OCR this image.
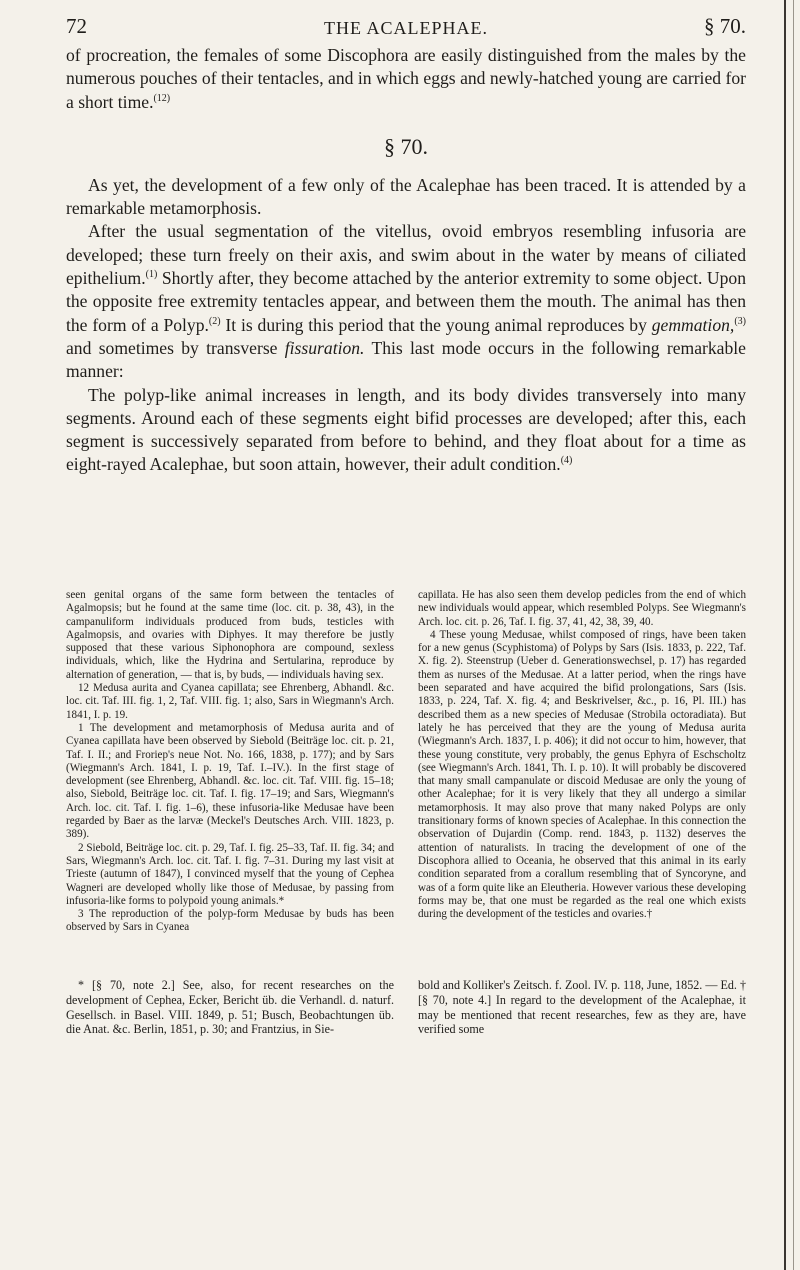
72	THE ACALEPHAE.	§ 70.

of procreation, the females of some Discophora are easily distinguished from the males by the numerous pouches of their tentacles, and in which eggs and newly-hatched young are carried for a short time.$^{(12)}$

§ 70.

As yet, the development of a few only of the Acalephae has been traced. It is attended by a remarkable metamorphosis.

After the usual segmentation of the vitellus, ovoid embryos resembling infusoria are developed; these turn freely on their axis, and swim about in the water by means of ciliated epithelium.$^{(1)}$ Shortly after, they become attached by the anterior extremity to some object. Upon the opposite free extremity tentacles appear, and between them the mouth. The animal has then the form of a Polyp.$^{(2)}$ It is during this period that the young animal reproduces by gemmation,$^{(3)}$ and sometimes by transverse fissuration. This last mode occurs in the following remarkable manner:

The polyp-like animal increases in length, and its body divides transversely into many segments. Around each of these segments eight bifid processes are developed; after this, each segment is successively separated from before to behind, and they float about for a time as eight-rayed Acalephae, but soon attain, however, their adult condition.$^{(4)}$

seen genital organs of the same form between the tentacles of Agalmopsis; but he found at the same time (loc. cit. p. 38, 43), in the campanuliform individuals produced from buds, testicles with Agalmopsis, and ovaries with Diphyes. It may therefore be justly supposed that these various Siphonophora are compound, sexless individuals, which, like the Hydrina and Sertularina, reproduce by alternation of generation, — that is, by buds, — individuals having sex.

12 Medusa aurita and Cyanea capillata; see Ehrenberg, Abhandl. &c. loc. cit. Taf. III. fig. 1, 2, Taf. VIII. fig. 1; also, Sars in Wiegmann's Arch. 1841, I. p. 19.

1 The development and metamorphosis of Medusa aurita and of Cyanea capillata have been observed by Siebold (Beiträge loc. cit. p. 21, Taf. I. II.; and Froriep's neue Not. No. 166, 1838, p. 177); and by Sars (Wiegmann's Arch. 1841, I. p. 19, Taf. I.–IV.). In the first stage of development (see Ehrenberg, Abhandl. &c. loc. cit. Taf. VIII. fig. 15–18; also, Siebold, Beiträge loc. cit. Taf. I. fig. 17–19; and Sars, Wiegmann's Arch. loc. cit. Taf. I. fig. 1–6), these infusoria-like Medusae have been regarded by Baer as the larvæ (Meckel's Deutsches Arch. VIII. 1823, p. 389).

2 Siebold, Beiträge loc. cit. p. 29, Taf. I. fig. 25–33, Taf. II. fig. 34; and Sars, Wiegmann's Arch. loc. cit. Taf. I. fig. 7–31. During my last visit at Trieste (autumn of 1847), I convinced myself that the young of Cephea Wagneri are developed wholly like those of Medusae, by passing from infusoria-like forms to polypoid young animals.*

3 The reproduction of the polyp-form Medusae by buds has been observed by Sars in Cyanea

capillata. He has also seen them develop pedicles from the end of which new individuals would appear, which resembled Polyps. See Wiegmann's Arch. loc. cit. p. 26, Taf. I. fig. 37, 41, 42, 38, 39, 40.

4 These young Medusae, whilst composed of rings, have been taken for a new genus (Scyphistoma) of Polyps by Sars (Isis. 1833, p. 222, Taf. X. fig. 2). Steenstrup (Ueber d. Generationswechsel, p. 17) has regarded them as nurses of the Medusae. At a latter period, when the rings have been separated and have acquired the bifid prolongations, Sars (Isis. 1833, p. 224, Taf. X. fig. 4; and Beskrivelser, &c., p. 16, Pl. III.) has described them as a new species of Medusae (Strobila octoradiata). But lately he has perceived that they are the young of Medusa aurita (Wiegmann's Arch. 1837, I. p. 406); it did not occur to him, however, that these young constitute, very probably, the genus Ephyra of Eschscholtz (see Wiegmann's Arch. 1841, Th. I. p. 10). It will probably be discovered that many small campanulate or discoid Medusae are only the young of other Acalephae; for it is very likely that they all undergo a similar metamorphosis. It may also prove that many naked Polyps are only transitionary forms of known species of Acalephae. In this connection the observation of Dujardin (Comp. rend. 1843, p. 1132) deserves the attention of naturalists. In tracing the development of one of the Discophora allied to Oceania, he observed that this animal in its early condition separated from a corallum resembling that of Syncoryne, and was of a form quite like an Eleutheria. However various these developing forms may be, that one must be regarded as the real one which exists during the development of the testicles and ovaries.†

* [§ 70, note 2.] See, also, for recent researches on the development of Cephea, Ecker, Bericht üb. die Verhandl. d. naturf. Gesellsch. in Basel. VIII. 1849, p. 51; Busch, Beobachtungen üb. die Anat. &c. Berlin, 1851, p. 30; and Frantzius, in Sie-

bold and Kolliker's Zeitsch. f. Zool. IV. p. 118, June, 1852. — Ed. † [§ 70, note 4.] In regard to the development of the Acalephae, it may be mentioned that recent researches, few as they are, have verified some
